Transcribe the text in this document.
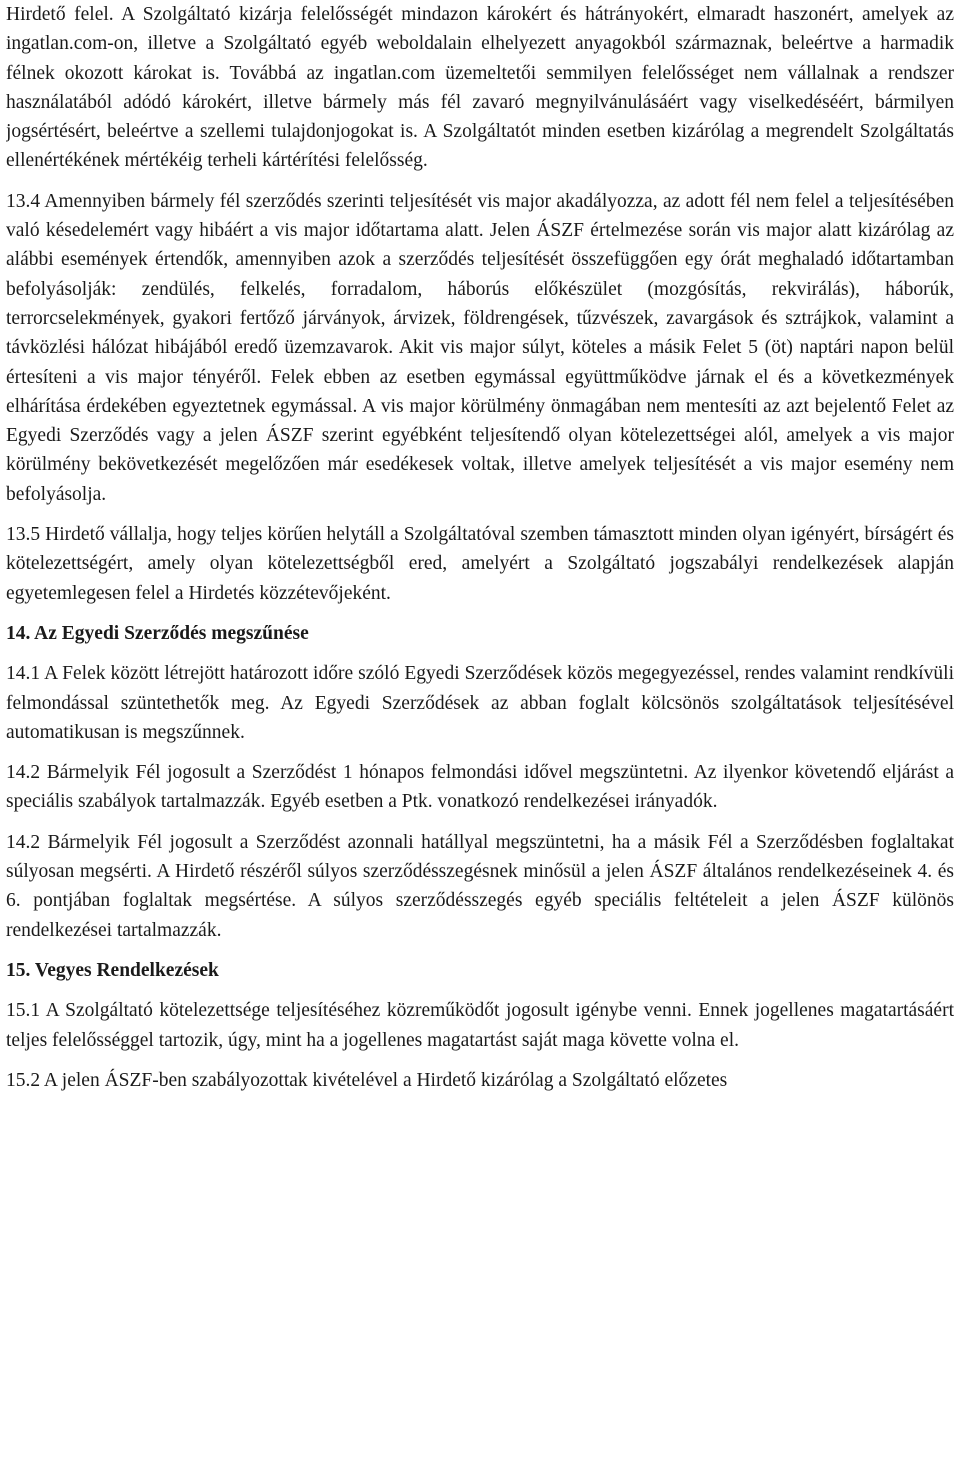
Hirdető felel. A Szolgáltató kizárja felelősségét mindazon károkért és hátrányokért, elmaradt haszonért, amelyek az ingatlan.com-on, illetve a Szolgáltató egyéb weboldalain elhelyezett anyagokból származnak, beleértve a harmadik félnek okozott károkat is. Továbbá az ingatlan.com üzemeltetői semmilyen felelősséget nem vállalnak a rendszer használatából adódó károkért, illetve bármely más fél zavaró megnyilvánulásáért vagy viselkedéséért, bármilyen jogsértésért, beleértve a szellemi tulajdonjogokat is. A Szolgáltatót minden esetben kizárólag a megrendelt Szolgáltatás ellenértékének mértékéig terheli kártérítési felelősség.

13.4 Amennyiben bármely fél szerződés szerinti teljesítését vis major akadályozza, az adott fél nem felel a teljesítésében való késedelemért vagy hibáért a vis major időtartama alatt. Jelen ÁSZF értelmezése során vis major alatt kizárólag az alábbi események értendők, amennyiben azok a szerződés teljesítését összefüggően egy órát meghaladó időtartamban befolyásolják: zendülés, felkelés, forradalom, háborús előkészület (mozgósítás, rekvirálás), háborúk, terrorcselekmények, gyakori fertőző járványok, árvizek, földrengések, tűzvészek, zavargások és sztrájkok, valamint a távközlési hálózat hibájából eredő üzemzavarok. Akit vis major súlyt, köteles a másik Felet 5 (öt) naptári napon belül értesíteni a vis major tényéről. Felek ebben az esetben egymással együttműködve járnak el és a következmények elhárítása érdekében egyeztetnek egymással. A vis major körülmény önmagában nem mentesíti az azt bejelentő Felet az Egyedi Szerződés vagy a jelen ÁSZF szerint egyébként teljesítendő olyan kötelezettségei alól, amelyek a vis major körülmény bekövetkezését megelőzően már esedékesek voltak, illetve amelyek teljesítését a vis major esemény nem befolyásolja.

13.5 Hirdető vállalja, hogy teljes körűen helytáll a Szolgáltatóval szemben támasztott minden olyan igényért, bírságért és kötelezettségért, amely olyan kötelezettségből ered, amelyért a Szolgáltató jogszabályi rendelkezések alapján egyetemlegesen felel a Hirdetés közzétevőjeként.

14. Az Egyedi Szerződés megszűnése

14.1 A Felek között létrejött határozott időre szóló Egyedi Szerződések közös megegyezéssel, rendes valamint rendkívüli felmondással szüntethetők meg. Az Egyedi Szerződések az abban foglalt kölcsönös szolgáltatások teljesítésével automatikusan is megszűnnek.

14.2 Bármelyik Fél jogosult a Szerződést 1 hónapos felmondási idővel megszüntetni. Az ilyenkor követendő eljárást a speciális szabályok tartalmazzák. Egyéb esetben a Ptk. vonatkozó rendelkezései irányadók.

14.2 Bármelyik Fél jogosult a Szerződést azonnali hatállyal megszüntetni, ha a másik Fél a Szerződésben foglaltakat súlyosan megsérti. A Hirdető részéről súlyos szerződésszegésnek minősül a jelen ÁSZF általános rendelkezéseinek 4. és 6. pontjában foglaltak megsértése. A súlyos szerződésszegés egyéb speciális feltételeit a jelen ÁSZF különös rendelkezései tartalmazzák.

15. Vegyes Rendelkezések

15.1 A Szolgáltató kötelezettsége teljesítéséhez közreműködőt jogosult igénybe venni. Ennek jogellenes magatartásáért teljes felelősséggel tartozik, úgy, mint ha a jogellenes magatartást saját maga követte volna el.

15.2 A jelen ÁSZF-ben szabályozottak kivételével a Hirdető kizárólag a Szolgáltató előzetes
